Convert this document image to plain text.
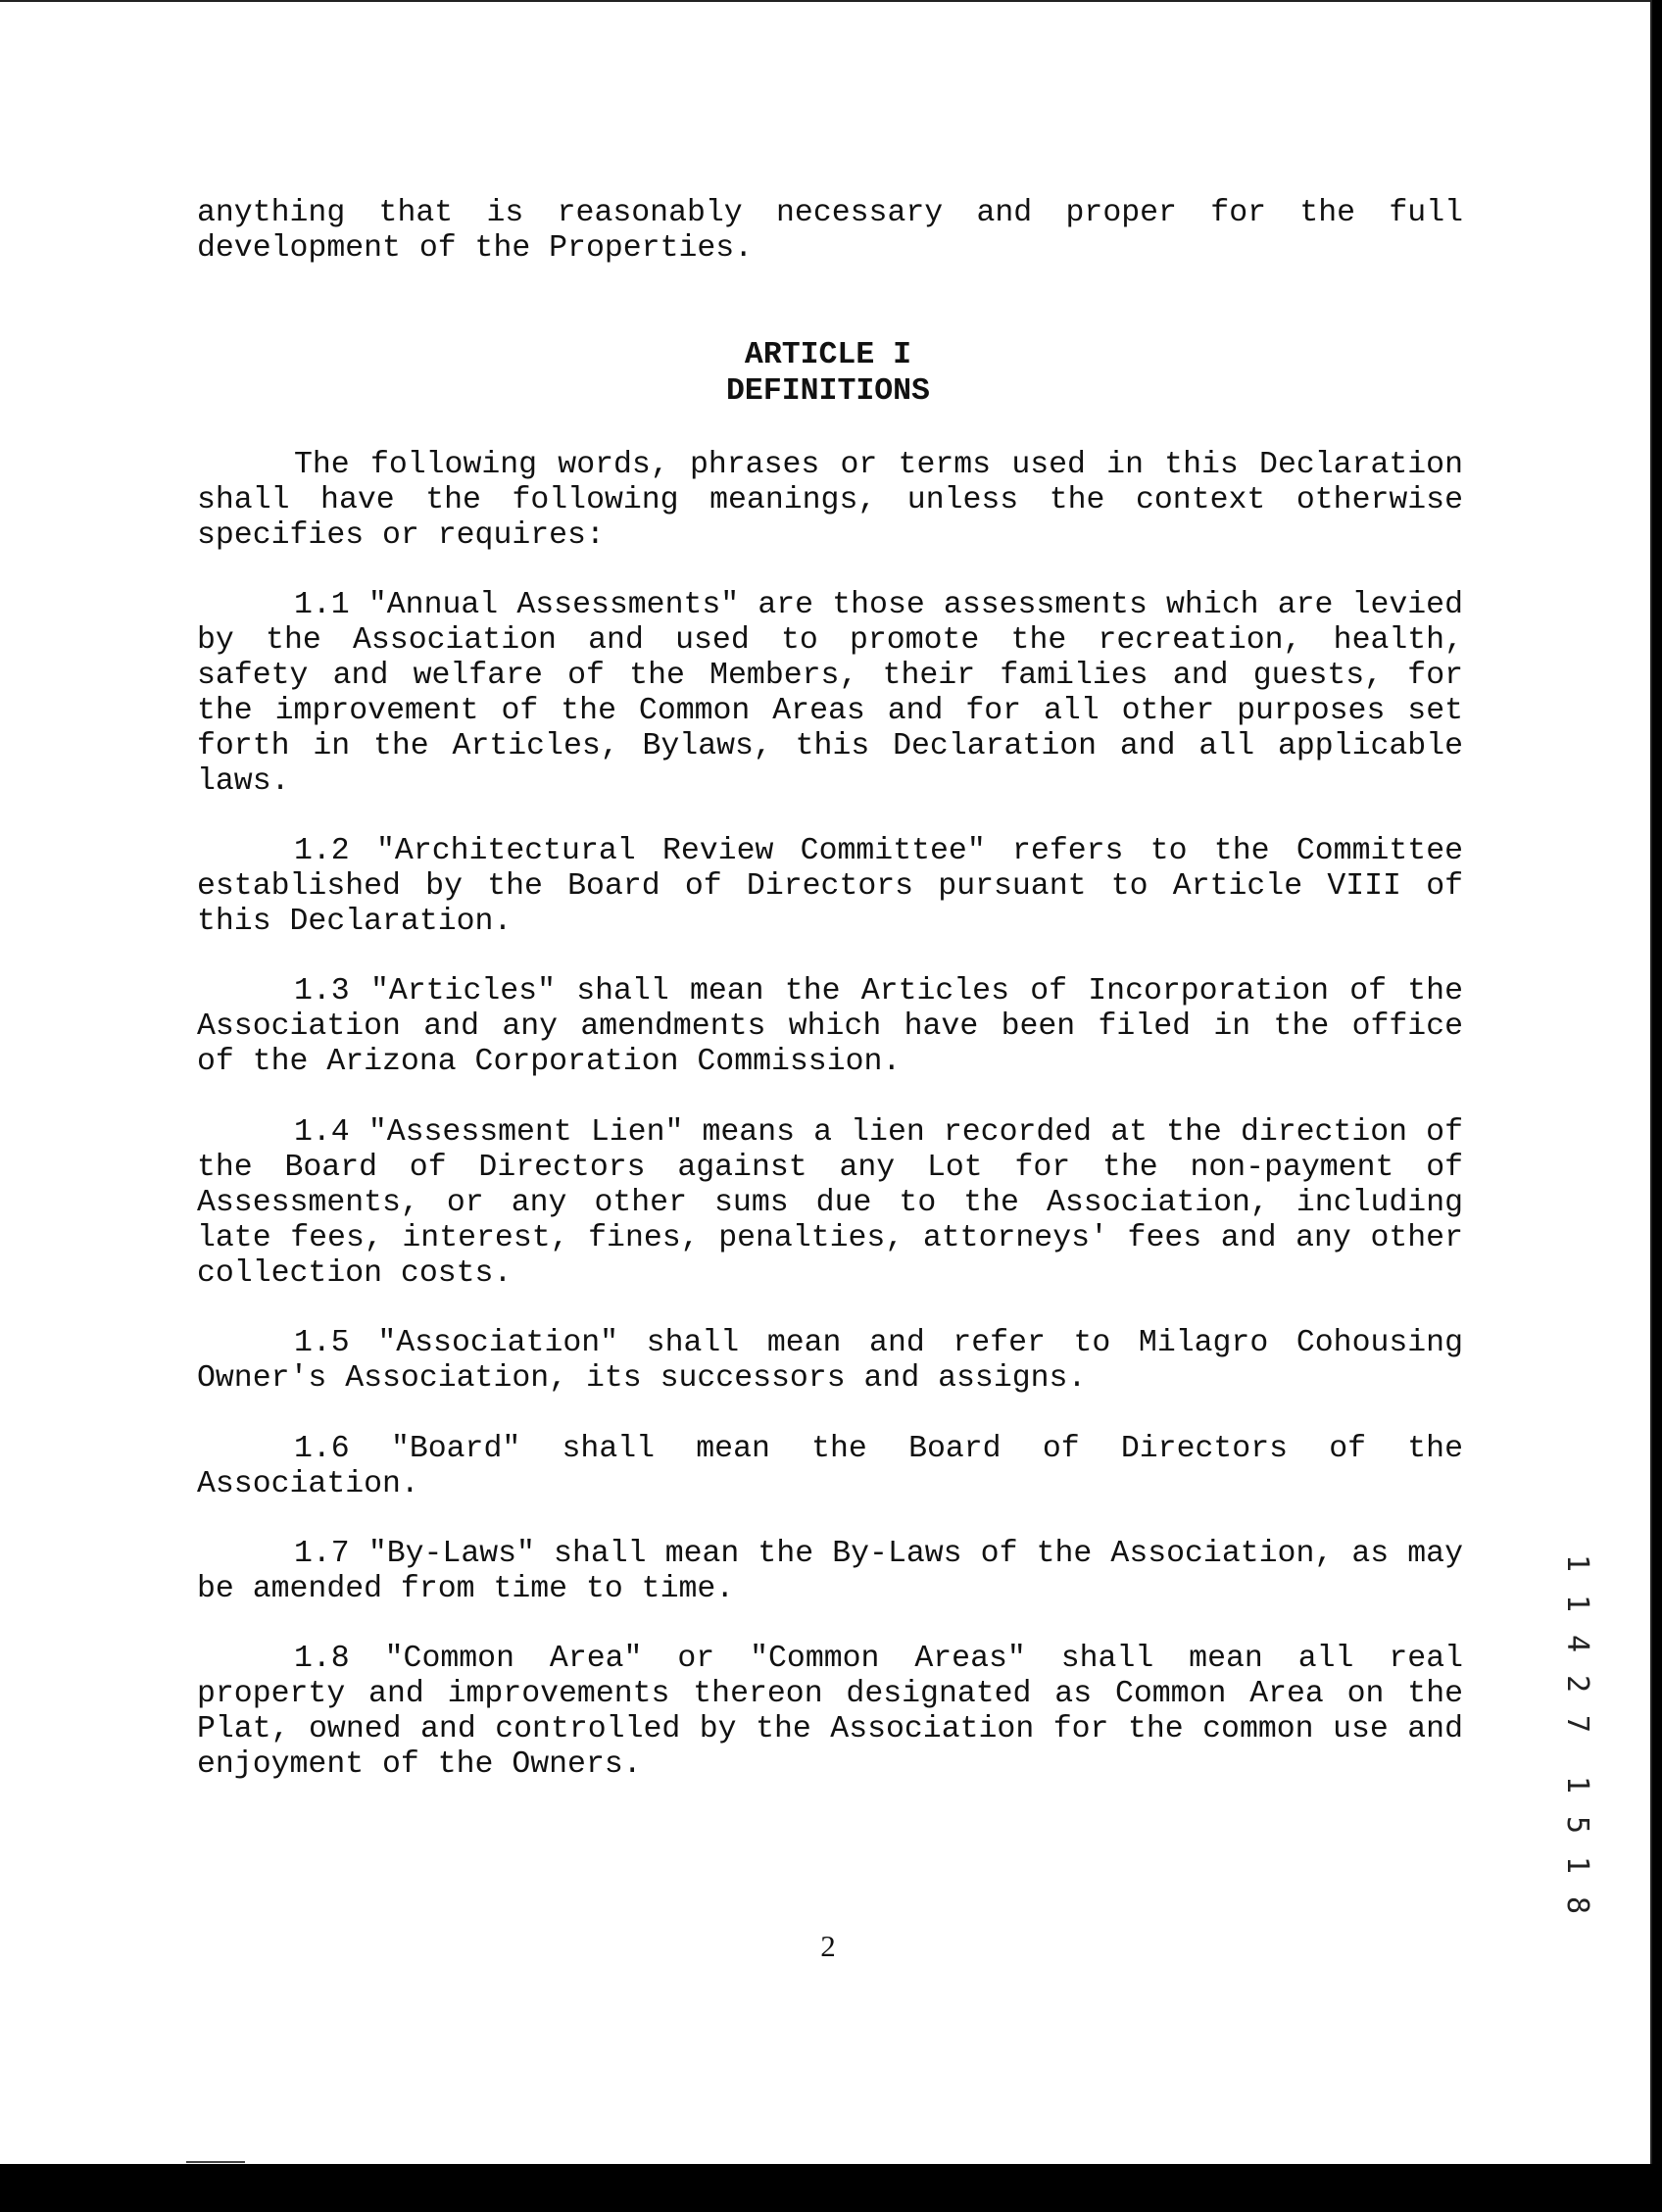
anything that is reasonably necessary and proper for the full development of the Properties.

ARTICLE I

DEFINITIONS

The following words, phrases or terms used in this Declaration shall have the following meanings, unless the context otherwise specifies or requires:

1.1 "Annual Assessments" are those assessments which are levied by the Association and used to promote the recreation, health, safety and welfare of the Members, their families and guests, for the improvement of the Common Areas and for all other purposes set forth in the Articles, Bylaws, this Declaration and all applicable laws.

1.2 "Architectural Review Committee" refers to the Committee established by the Board of Directors pursuant to Article VIII of this Declaration.

1.3 "Articles" shall mean the Articles of Incorporation of the Association and any amendments which have been filed in the office of the Arizona Corporation Commission.

1.4 "Assessment Lien" means a lien recorded at the direction of the Board of Directors against any Lot for the non-payment of Assessments, or any other sums due to the Association, including late fees, interest, fines, penalties, attorneys' fees and any other collection costs.

1.5 "Association" shall mean and refer to Milagro Cohousing Owner's Association, its successors and assigns.

1.6 "Board" shall mean the Board of Directors of the Association.

1.7 "By-Laws" shall mean the By-Laws of the Association, as may be amended from time to time.

1.8 "Common Area" or "Common Areas" shall mean all real property and improvements thereon designated as Common Area on the Plat, owned and controlled by the Association for the common use and enjoyment of the Owners.

2

1
1
4
2
7
1
5
1
8
